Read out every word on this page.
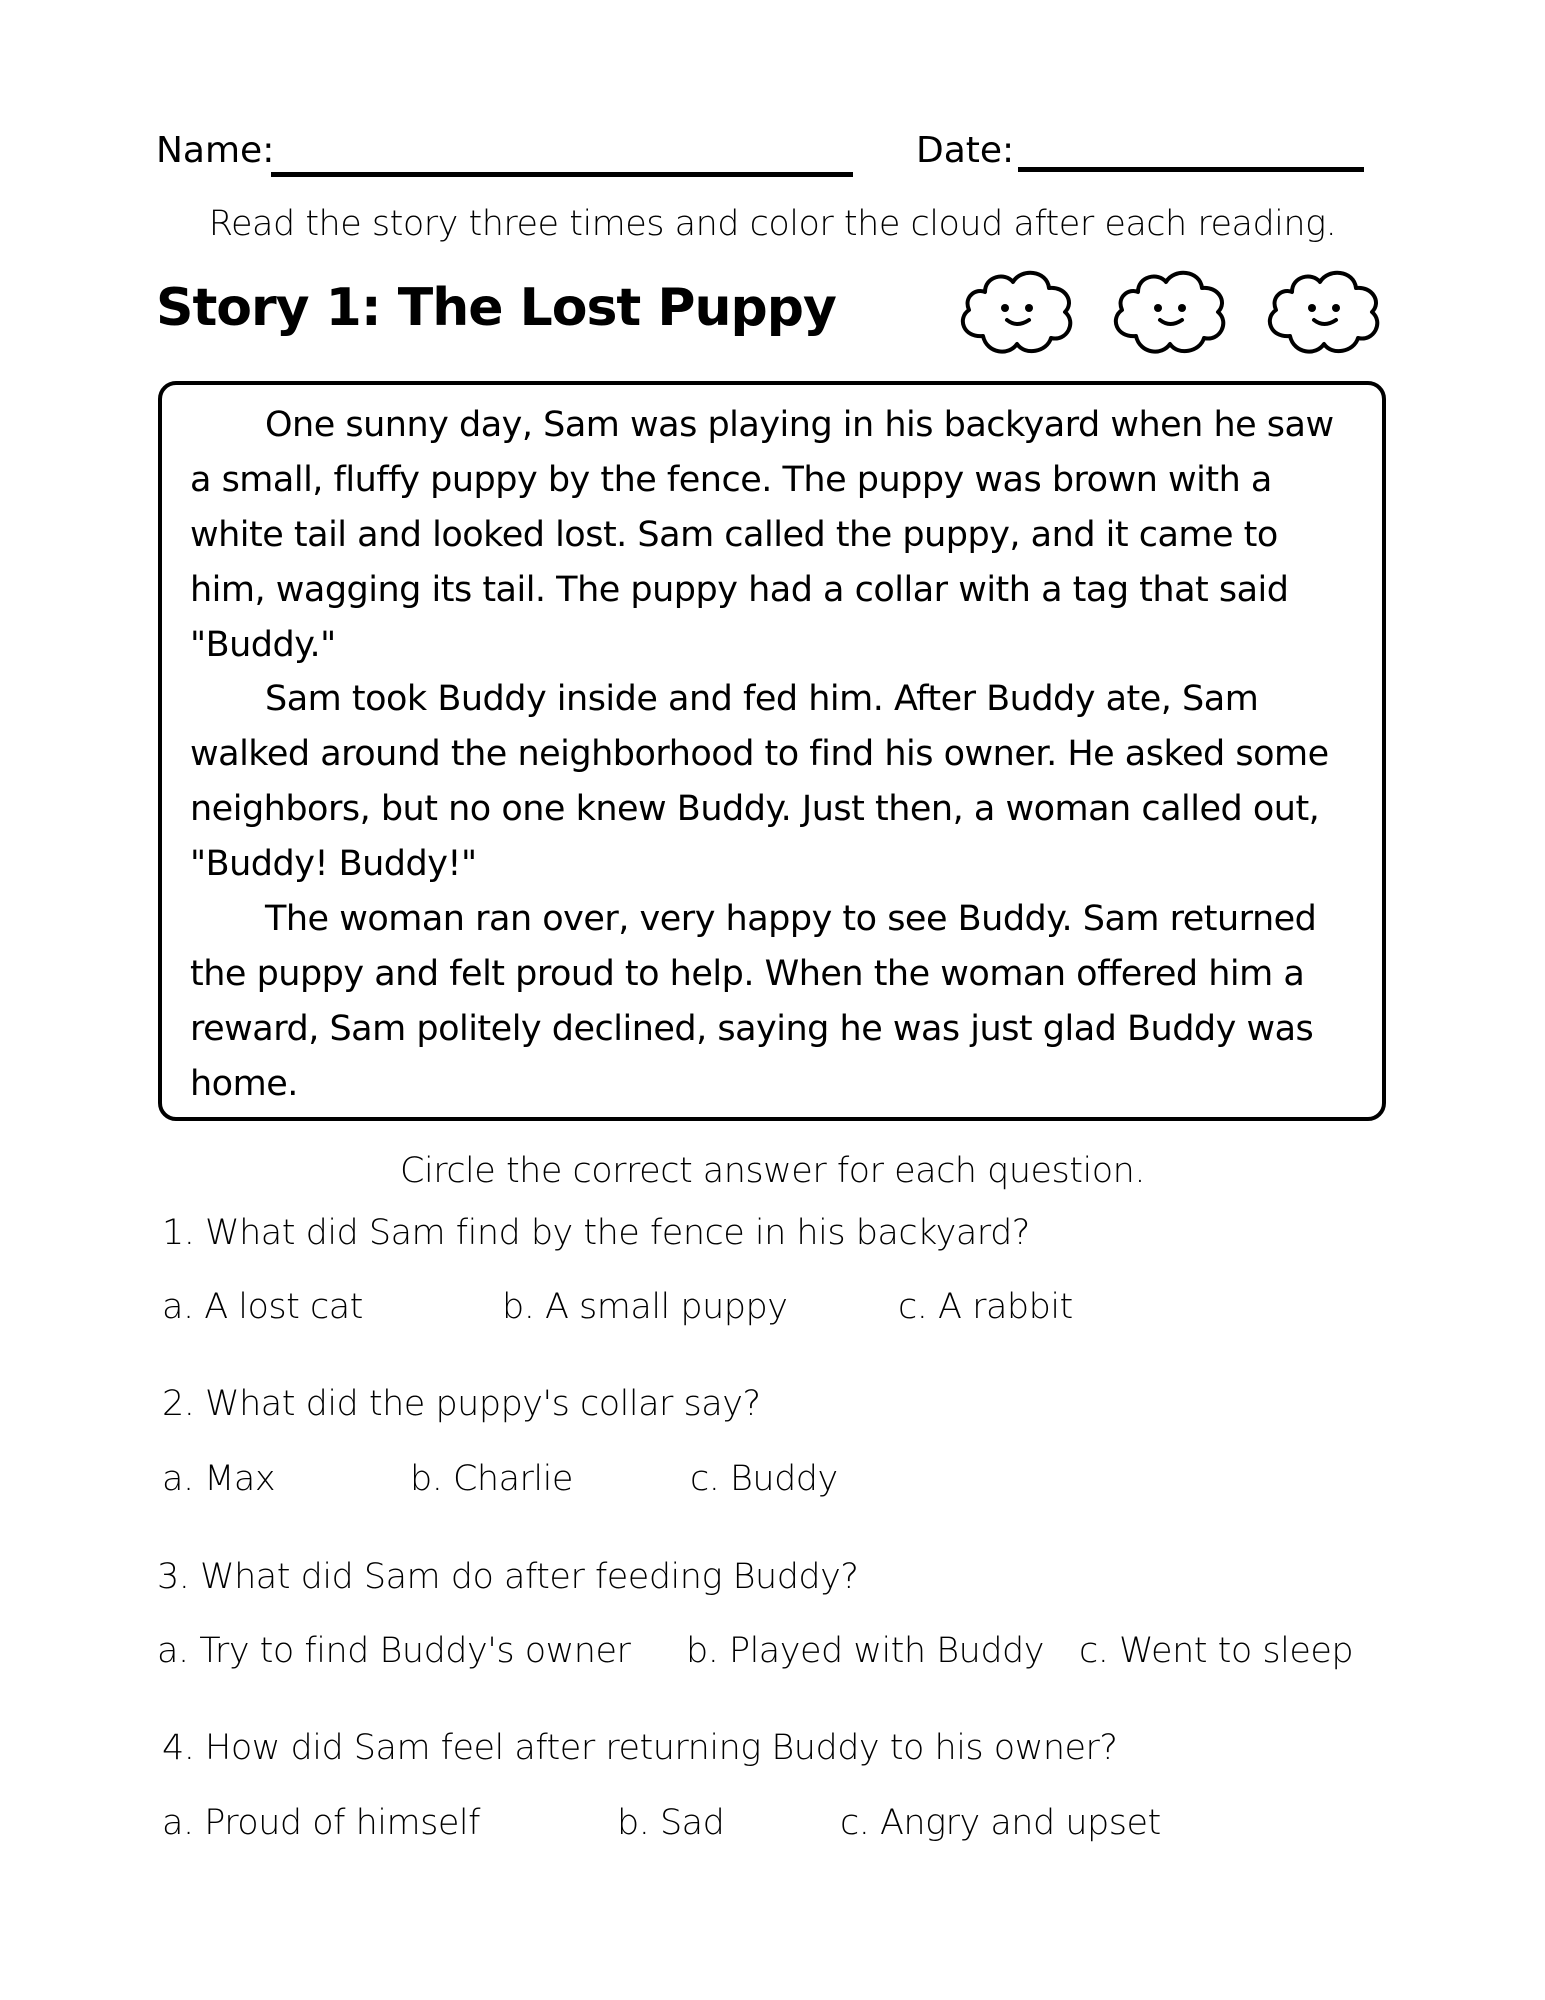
Name:	Date:
Read the story three times and color the cloud after each reading.
Story 1: The Lost Puppy
One sunny day, Sam was playing in his backyard when he saw
a small, fluffy puppy by the fence. The puppy was brown with a
white tail and looked lost. Sam called the puppy, and it came to
him, wagging its tail. The puppy had a collar with a tag that said
"Buddy."
Sam took Buddy inside and fed him. After Buddy ate, Sam
walked around the neighborhood to find his owner. He asked some
neighbors, but no one knew Buddy. Just then, a woman called out,
"Buddy! Buddy!"
The woman ran over, very happy to see Buddy. Sam returned
the puppy and felt proud to help. When the woman offered him a
reward, Sam politely declined, saying he was just glad Buddy was
home.
Circle the correct answer for each question.
1. What did Sam find by the fence in his backyard?
a. A lost cat	b. A small puppy	c. A rabbit
2. What did the puppy's collar say?
a. Max	b. Charlie	c. Buddy
3. What did Sam do after feeding Buddy?
a. Try to find Buddy's owner b. Played with Buddy c. Went to sleep
4. How did Sam feel after returning Buddy to his owner?
a. Proud of himself	b. Sad	c. Angry and upset
